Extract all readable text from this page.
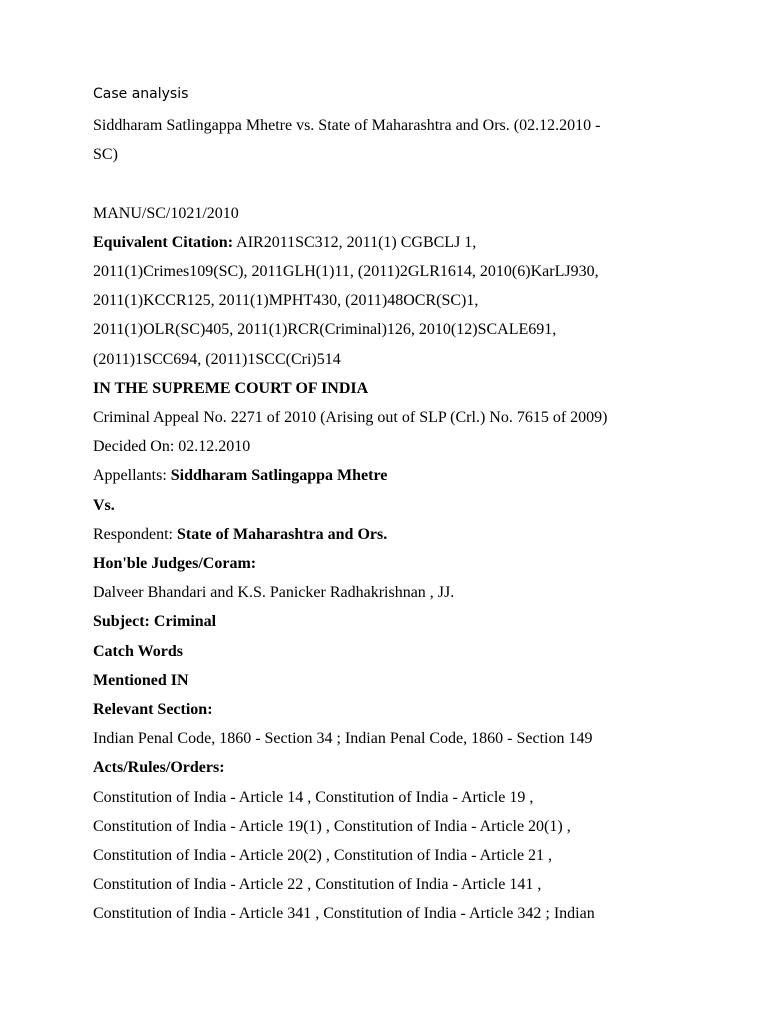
Case analysis

Siddharam Satlingappa Mhetre vs. State of Maharashtra and Ors. (02.12.2010 -

SC)

MANU/SC/1021/2010

Equivalent Citation: AIR2011SC312, 2011(1) CGBCLJ 1,

2011(1)Crimes109(SC), 2011GLH(1)11, (2011)2GLR1614, 2010(6)KarLJ930,

2011(1)KCCR125, 2011(1)MPHT430, (2011)48OCR(SC)1,

2011(1)OLR(SC)405, 2011(1)RCR(Criminal)126, 2010(12)SCALE691,

(2011)1SCC694, (2011)1SCC(Cri)514

IN THE SUPREME COURT OF INDIA

Criminal Appeal No. 2271 of 2010 (Arising out of SLP (Crl.) No. 7615 of 2009)

Decided On: 02.12.2010

Appellants: Siddharam Satlingappa Mhetre

Vs.

Respondent: State of Maharashtra and Ors.

Hon'ble Judges/Coram:

Dalveer Bhandari and K.S. Panicker Radhakrishnan , JJ.

Subject: Criminal

Catch Words

Mentioned IN

Relevant Section:

Indian Penal Code, 1860 - Section 34 ; Indian Penal Code, 1860 - Section 149

Acts/Rules/Orders:

Constitution of India - Article 14 , Constitution of India - Article 19 ,

Constitution of India - Article 19(1) , Constitution of India - Article 20(1) ,

Constitution of India - Article 20(2) , Constitution of India - Article 21 ,

Constitution of India - Article 22 , Constitution of India - Article 141 ,

Constitution of India - Article 341 , Constitution of India - Article 342 ; Indian
